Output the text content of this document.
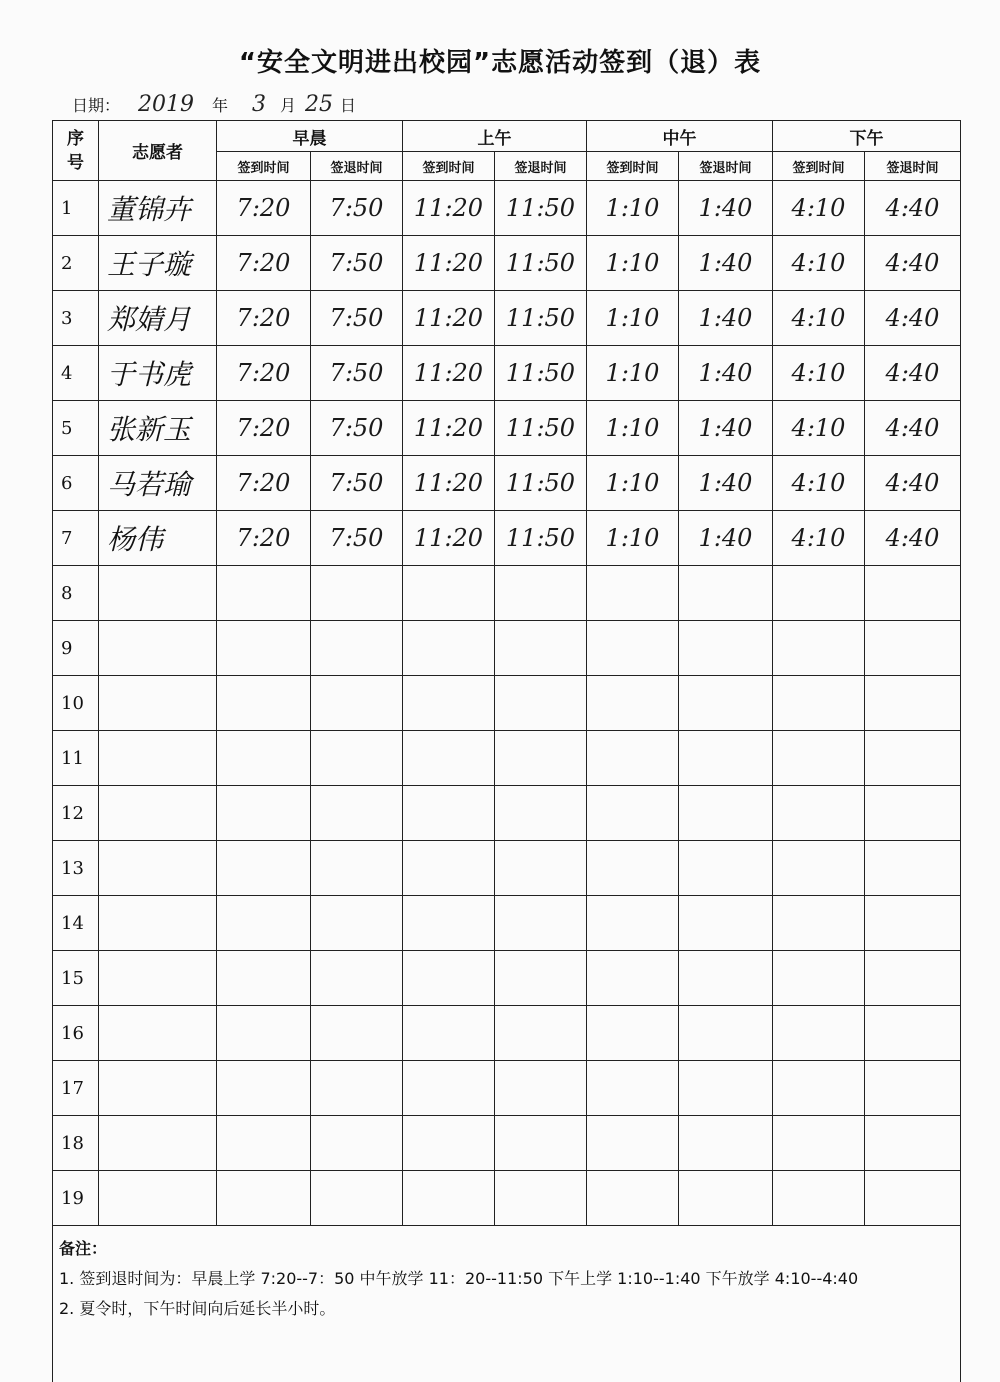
“安全文明进出校园”志愿活动签到（退）表
日期： 2019 年 3 月 25 日
序号	志愿者	早晨		上午		中午		下午	
		签到时间	签退时间	签到时间	签退时间	签到时间	签退时间	签到时间	签退时间
1	董锦卉	7:20	7:50	11:20	11:50	1:10	1:40	4:10	4:40
2	王子璇	7:20	7:50	11:20	11:50	1:10	1:40	4:10	4:40
3	郑婧月	7:20	7:50	11:20	11:50	1:10	1:40	4:10	4:40
4	于书虎	7:20	7:50	11:20	11:50	1:10	1:40	4:10	4:40
5	张新玉	7:20	7:50	11:20	11:50	1:10	1:40	4:10	4:40
6	马若瑜	7:20	7:50	11:20	11:50	1:10	1:40	4:10	4:40
7	杨伟	7:20	7:50	11:20	11:50	1:10	1:40	4:10	4:40
8									
9									
10									
11									
12									
13									
14									
15									
16									
17									
18									
19									

备注：
1. 签到退时间为：早晨上学 7:20--7：50 中午放学 11：20--11:50 下午上学 1:10--1:40 下午放学 4:10--4:40
2. 夏令时，下午时间向后延长半小时。									
